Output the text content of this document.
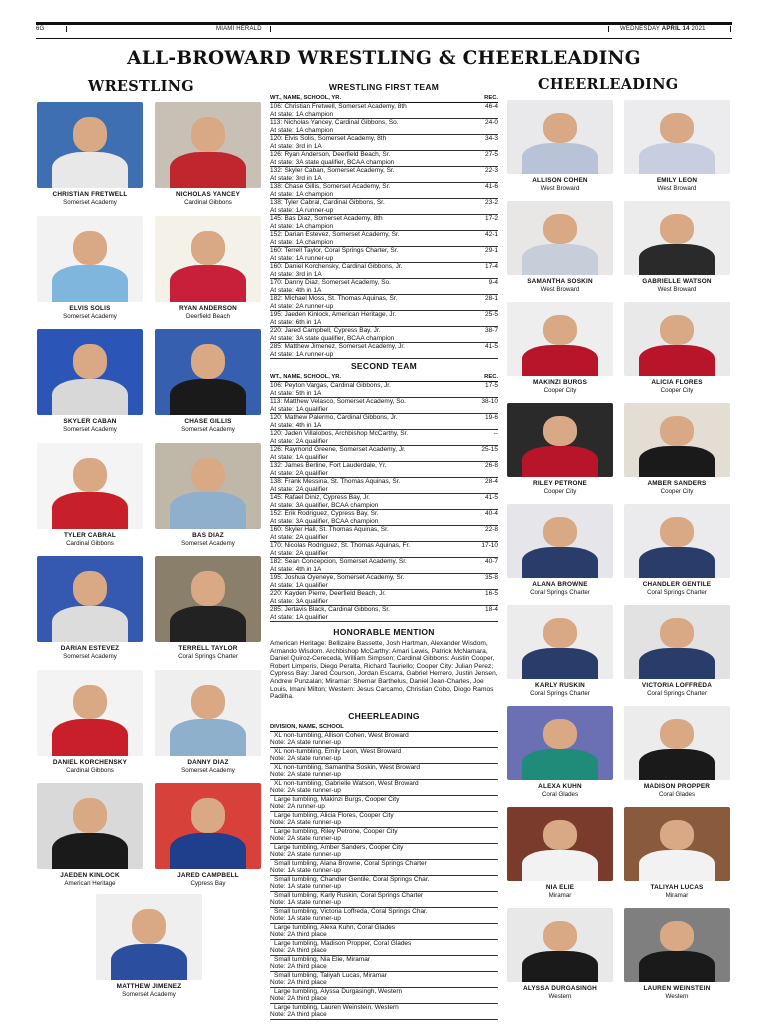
6G	MIAMI HERALD	WEDNESDAY APRIL 14 2021
ALL-BROWARD WRESTLING & CHEERLEADING
WRESTLING	CHEERLEADING
CHRISTIAN FRETWELL
Somerset Academy
NICHOLAS YANCEY
Cardinal Gibbons
ELVIS SOLIS
Somerset Academy
RYAN ANDERSON
Deerfield Beach
SKYLER CABAN
Somerset Academy
CHASE GILLIS
Somerset Academy
TYLER CABRAL
Cardinal Gibbons
BAS DIAZ
Somerset Academy
DARIAN ESTEVEZ
Somerset Academy
TERRELL TAYLOR
Coral Springs Charter
DANIEL KORCHENSKY
Cardinal Gibbons
DANNY DIAZ
Somerset Academy
JAEDEN KINLOCK
American Heritage
JARED CAMPBELL
Cypress Bay
MATTHEW JIMENEZ
Somerset Academy
ALLISON COHEN
West Broward
EMILY LEON
West Broward
SAMANTHA SOSKIN
West Broward
GABRIELLE WATSON
West Broward
MAKINZI BURGS
Cooper City
ALICIA FLORES
Cooper City
RILEY PETRONE
Cooper City
AMBER SANDERS
Cooper City
ALANA BROWNE
Coral Springs Charter
CHANDLER GENTILE
Coral Springs Charter
KARLY RUSKIN
Coral Springs Charter
VICTORIA LOFFREDA
Coral Springs Charter
ALEXA KUHN
Coral Glades
MADISON PROPPER
Coral Glades
NIA ELIE
Miramar
TALIYAH LUCAS
Miramar
ALYSSA DURGASINGH
Western
LAUREN WEINSTEIN
Western
WRESTLING FIRST TEAM
WT., NAME, SCHOOL, YR.	REC.
106: Christian Fretwell, Somerset Academy, 8th	46-4
At state: 1A champion
113: Nicholas Yancey, Cardinal Gibbons, So.	24-0
At state: 1A champion
120: Elvis Solis, Somerset Academy, 8th	34-3
At state: 3rd in 1A
126: Ryan Anderson, Deerfield Beach, Sr.	27-5
At state: 3A state qualifier, BCAA champion
132: Skyler Caban, Somerset Academy, Sr.	22-3
At state: 3rd in 1A
138: Chase Gillis, Somerset Academy, Sr.	41-6
At state: 1A champion
138: Tyler Cabral, Cardinal Gibbons, Sr.	23-2
At state: 1A runner-up
145: Bas Diaz, Somerset Academy, 8th	17-2
At state: 1A champion
152: Darian Estevez, Somerset Academy, Sr.	42-1
At state: 1A champion
160: Terrell Taylor, Coral Springs Charter, Sr.	29-1
At state: 1A runner-up
160: Daniel Korchensky, Cardinal Gibbons, Jr.	17-4
At state: 3rd in 1A
170: Danny Diaz, Somerset Academy, So.	9-4
At state: 4th in 1A
182: Michael Moss, St. Thomas Aquinas, Sr.	28-1
At state: 2A runner-up
195: Jaeden Kinlock, American Heritage, Jr.	25-5
At state: 6th in 1A
220: Jared Campbell, Cypress Bay, Jr.	38-7
At state: 3A state qualifier, BCAA champion
285: Matthew Jimenez, Somerset Academy, Jr.	41-5
At state: 1A runner-up
SECOND TEAM
WT., NAME, SCHOOL, YR.	REC.
106: Peyton Vargas, Cardinal Gibbons, Jr.	17-5
At state: 5th in 1A
113: Matthew Velasco, Somerset Academy, So.	38-10
At state: 1A qualifier
120: Mathew Palermo, Cardinal Gibbons, Jr.	19-6
At state: 4th in 1A
120: Jaden Villalobos, Archbishop McCarthy, Sr.	--
At state: 2A qualifier
126: Raymond Greene, Somerset Academy, Jr.	25-15
At state: 1A qualifier
132: James Berline, Fort Lauderdale, Yr.	26-8
At state: 2A qualifier
138: Frank Messina, St. Thomas Aquinas, Sr.	28-4
At state: 2A qualifier
145: Rafael Diniz, Cypress Bay, Jr.	41-5
At state: 3A qualifier, BCAA champion
152: Erik Rodriguez, Cypress Bay, Sr.	40-4
At state: 3A qualifier, BCAA champion
160: Skyler Hall, St. Thomas Aquinas, Sr.	22-8
At state: 2A qualifier
170: Nicolas Rodriguez, St. Thomas Aquinas, Fr.	17-10
At state: 2A qualifier
182: Sean Concepcion, Somerset Academy, Sr.	40-7
At state: 4th in 1A
195: Joshua Oyeneye, Somerset Academy, Sr.	35-8
At state: 1A qualifier
220: Kayden Pierre, Deerfield Beach, Jr.	16-5
At state: 3A qualifier
285: Jertavis Black, Cardinal Gibbons, Sr.	18-4
At state: 1A qualifier
HONORABLE MENTION
American Heritage: Bellizaire Bassette, Josh Hartman, Alexander Wisdom, Armando Wisdom. Archbishop McCarthy: Amari Lewis, Patrick McNamara, Daniel Quiroz-Cereceda, William Simpson; Cardinal Gibbons: Austin Cooper, Robert Limperis, Diego Peralta, Richard Tauriello; Cooper City: Julian Perez; Cypress Bay: Jared Courson, Jordan Escarra, Gabriel Herrero, Justin Jensen, Andrew Punzalan; Miramar: Shemar Barthelus, Daniel Jean-Charles, Joe Louis, Imani Milton; Western: Jesus Carcamo, Christian Cobo, Diogo Ramos Padilha.
CHEERLEADING
DIVISION, NAME, SCHOOL
XL non-tumbling, Allison Cohen, West Broward
Note: 2A state runner-up
XL non-tumbling, Emily Leon, West Broward
Note: 2A state runner-up
XL non-tumbling, Samantha Soskin, West Broward
Note: 2A state runner-up
XL non-tumbling, Gabrielle Watson, West Broward
Note: 2A state runner-up
Large tumbling, Makinzi Burgs, Cooper City
Note: 2A runner-up
Large tumbling, Alicia Flores, Cooper City
Note: 2A state runner-up
Large tumbling, Riley Petrone, Cooper City
Note: 2A state runner-up
Large tumbling, Amber Sanders, Cooper City
Note: 2A state runner-up
Small tumbling, Alana Browne, Coral Springs Charter
Note: 1A state runner-up
Small tumbling, Chandler Gentile, Coral Springs Char.
Note: 1A state runner-up
Small tumbling, Karly Ruskin, Coral Springs Charter
Note: 1A state runner-up
Small tumbling, Victoria Loffreda, Coral Springs Char.
Note: 1A state runner-up
Large tumbling, Alexa Kuhn, Coral Glades
Note: 2A third place
Large tumbling, Madison Propper, Coral Glades
Note: 2A third place
Small tumbling, Nia Elie, Miramar
Note: 2A third place
Small tumbling, Taliyah Lucas, Miramar
Note: 2A third place
Large tumbling, Alyssa Durgasingh, Western
Note: 2A third place
Large tumbling, Lauren Weinstein, Western
Note: 2A third place
